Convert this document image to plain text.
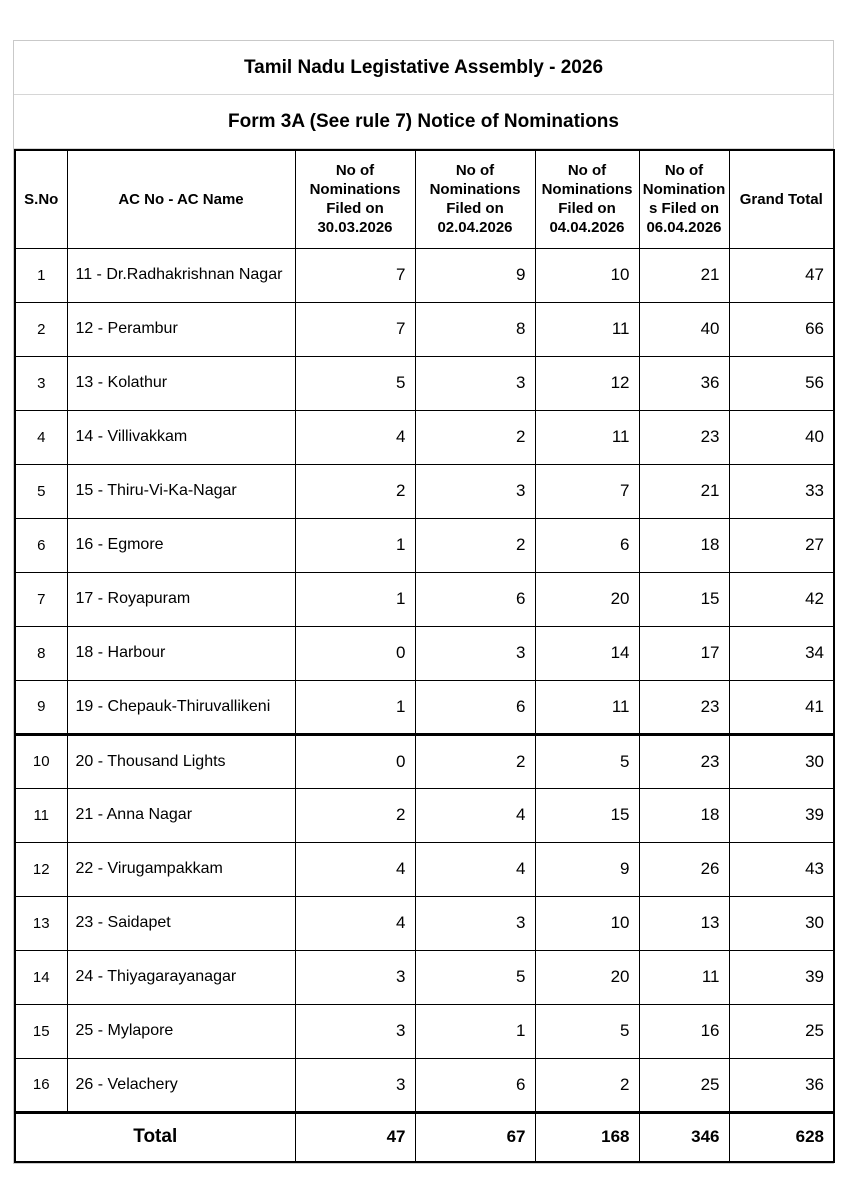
Tamil Nadu Legistative Assembly - 2026
Form 3A (See rule 7) Notice of Nominations
S.No	AC No - AC Name	No of Nominations Filed on 30.03.2026	No of Nominations Filed on 02.04.2026	No of Nominations Filed on 04.04.2026	No of Nominations Filed on 06.04.2026	Grand Total
1	11 - Dr.Radhakrishnan Nagar	7	9	10	21	47
2	12 - Perambur	7	8	11	40	66
3	13 - Kolathur	5	3	12	36	56
4	14 - Villivakkam	4	2	11	23	40
5	15 - Thiru-Vi-Ka-Nagar	2	3	7	21	33
6	16 - Egmore	1	2	6	18	27
7	17 - Royapuram	1	6	20	15	42
8	18 - Harbour	0	3	14	17	34
9	19 - Chepauk-Thiruvallikeni	1	6	11	23	41
10	20 - Thousand Lights	0	2	5	23	30
11	21 - Anna Nagar	2	4	15	18	39
12	22 - Virugampakkam	4	4	9	26	43
13	23 - Saidapet	4	3	10	13	30
14	24 - Thiyagarayanagar	3	5	20	11	39
15	25 - Mylapore	3	1	5	16	25
16	26 - Velachery	3	6	2	25	36
Total		47	67	168	346	628
